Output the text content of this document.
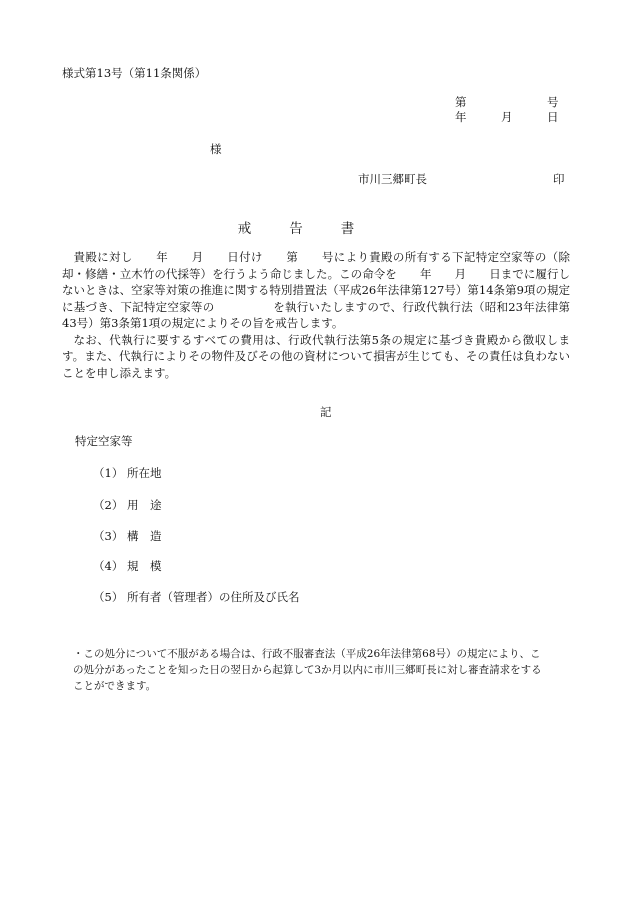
様式第13号（第11条関係）
第　　　　　　　号
年　　　月　　　日
様
市川三郷町長	印
戒告書

貴殿に対し　　年　　月　　日付け　　第　　号により貴殿の所有する下記特定空家等の（除却・修繕・立木竹の代採等）を行うよう命じました。この命令を　　年　　月　　日までに履行しないときは、空家等対策の推進に関する特別措置法（平成26年法律第127号）第14条第9項の規定に基づき、下記特定空家等の　　　　　を執行いたしますので、行政代執行法（昭和23年法律第43号）第3条第1項の規定によりその旨を戒告します。

なお、代執行に要するすべての費用は、行政代執行法第5条の規定に基づき貴殿から徴収します。また、代執行によりその物件及びその他の資材について損害が生じても、その責任は負わないことを申し添えます。

記
特定空家等
（1） 所在地
（2） 用　途
（3） 構　造
（4） 規　模
（5） 所有者（管理者）の住所及び氏名
・この処分について不服がある場合は、行政不服審査法（平成26年法律第68号）の規定により、この処分があったことを知った日の翌日から起算して3か月以内に市川三郷町長に対し審査請求をすることができます。
